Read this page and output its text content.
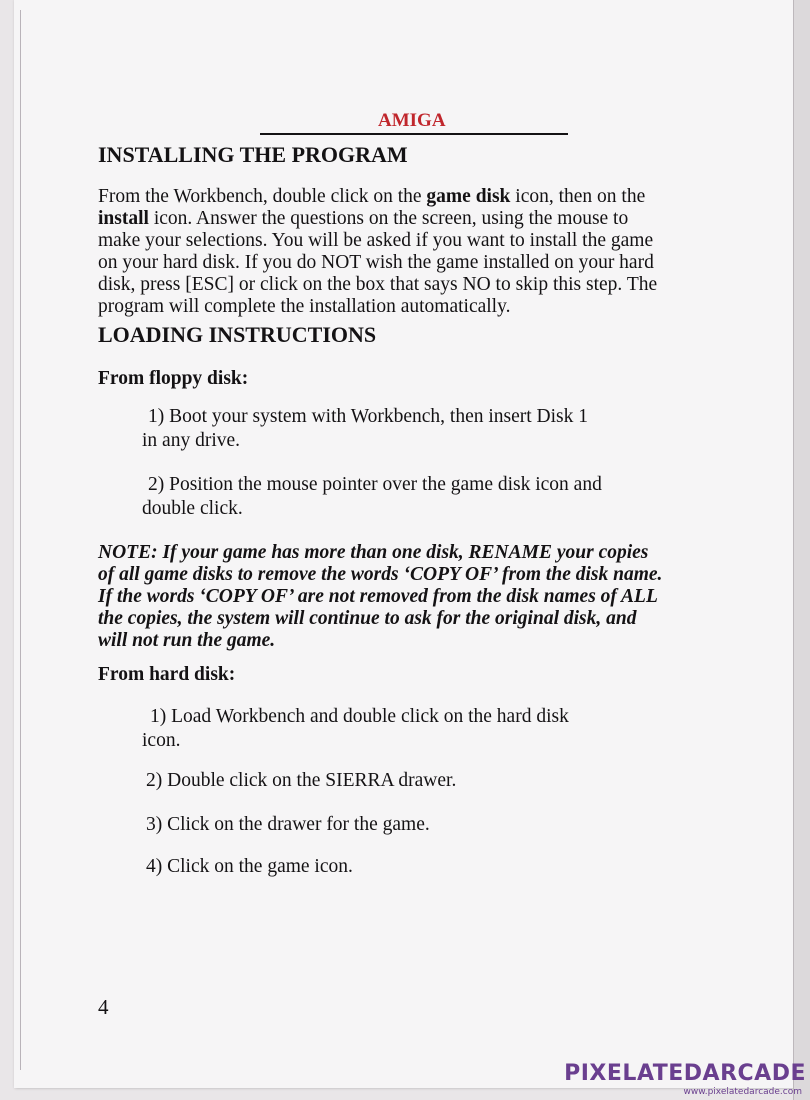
AMIGA
INSTALLING THE PROGRAM

From the Workbench, double click on the game disk icon, then on the

install icon. Answer the questions on the screen, using the mouse to

make your selections. You will be asked if you want to install the game

on your hard disk. If you do NOT wish the game installed on your hard

disk, press [ESC] or click on the box that says NO to skip this step. The

program will complete the installation automatically.

LOADING INSTRUCTIONS

From floppy disk:

1) Boot your system with Workbench, then insert Disk 1

in any drive.

2) Position the mouse pointer over the game disk icon and

double click.

NOTE: If your game has more than one disk, RENAME your copies

of all game disks to remove the words ‘COPY OF’ from the disk name.

If the words ‘COPY OF’ are not removed from the disk names of ALL

the copies, the system will continue to ask for the original disk, and

will not run the game.

From hard disk:

1) Load Workbench and double click on the hard disk

icon.

2) Double click on the SIERRA drawer.

3) Click on the drawer for the game.

4) Click on the game icon.

4
PIXELATEDARCADE
www.pixelatedarcade.com
